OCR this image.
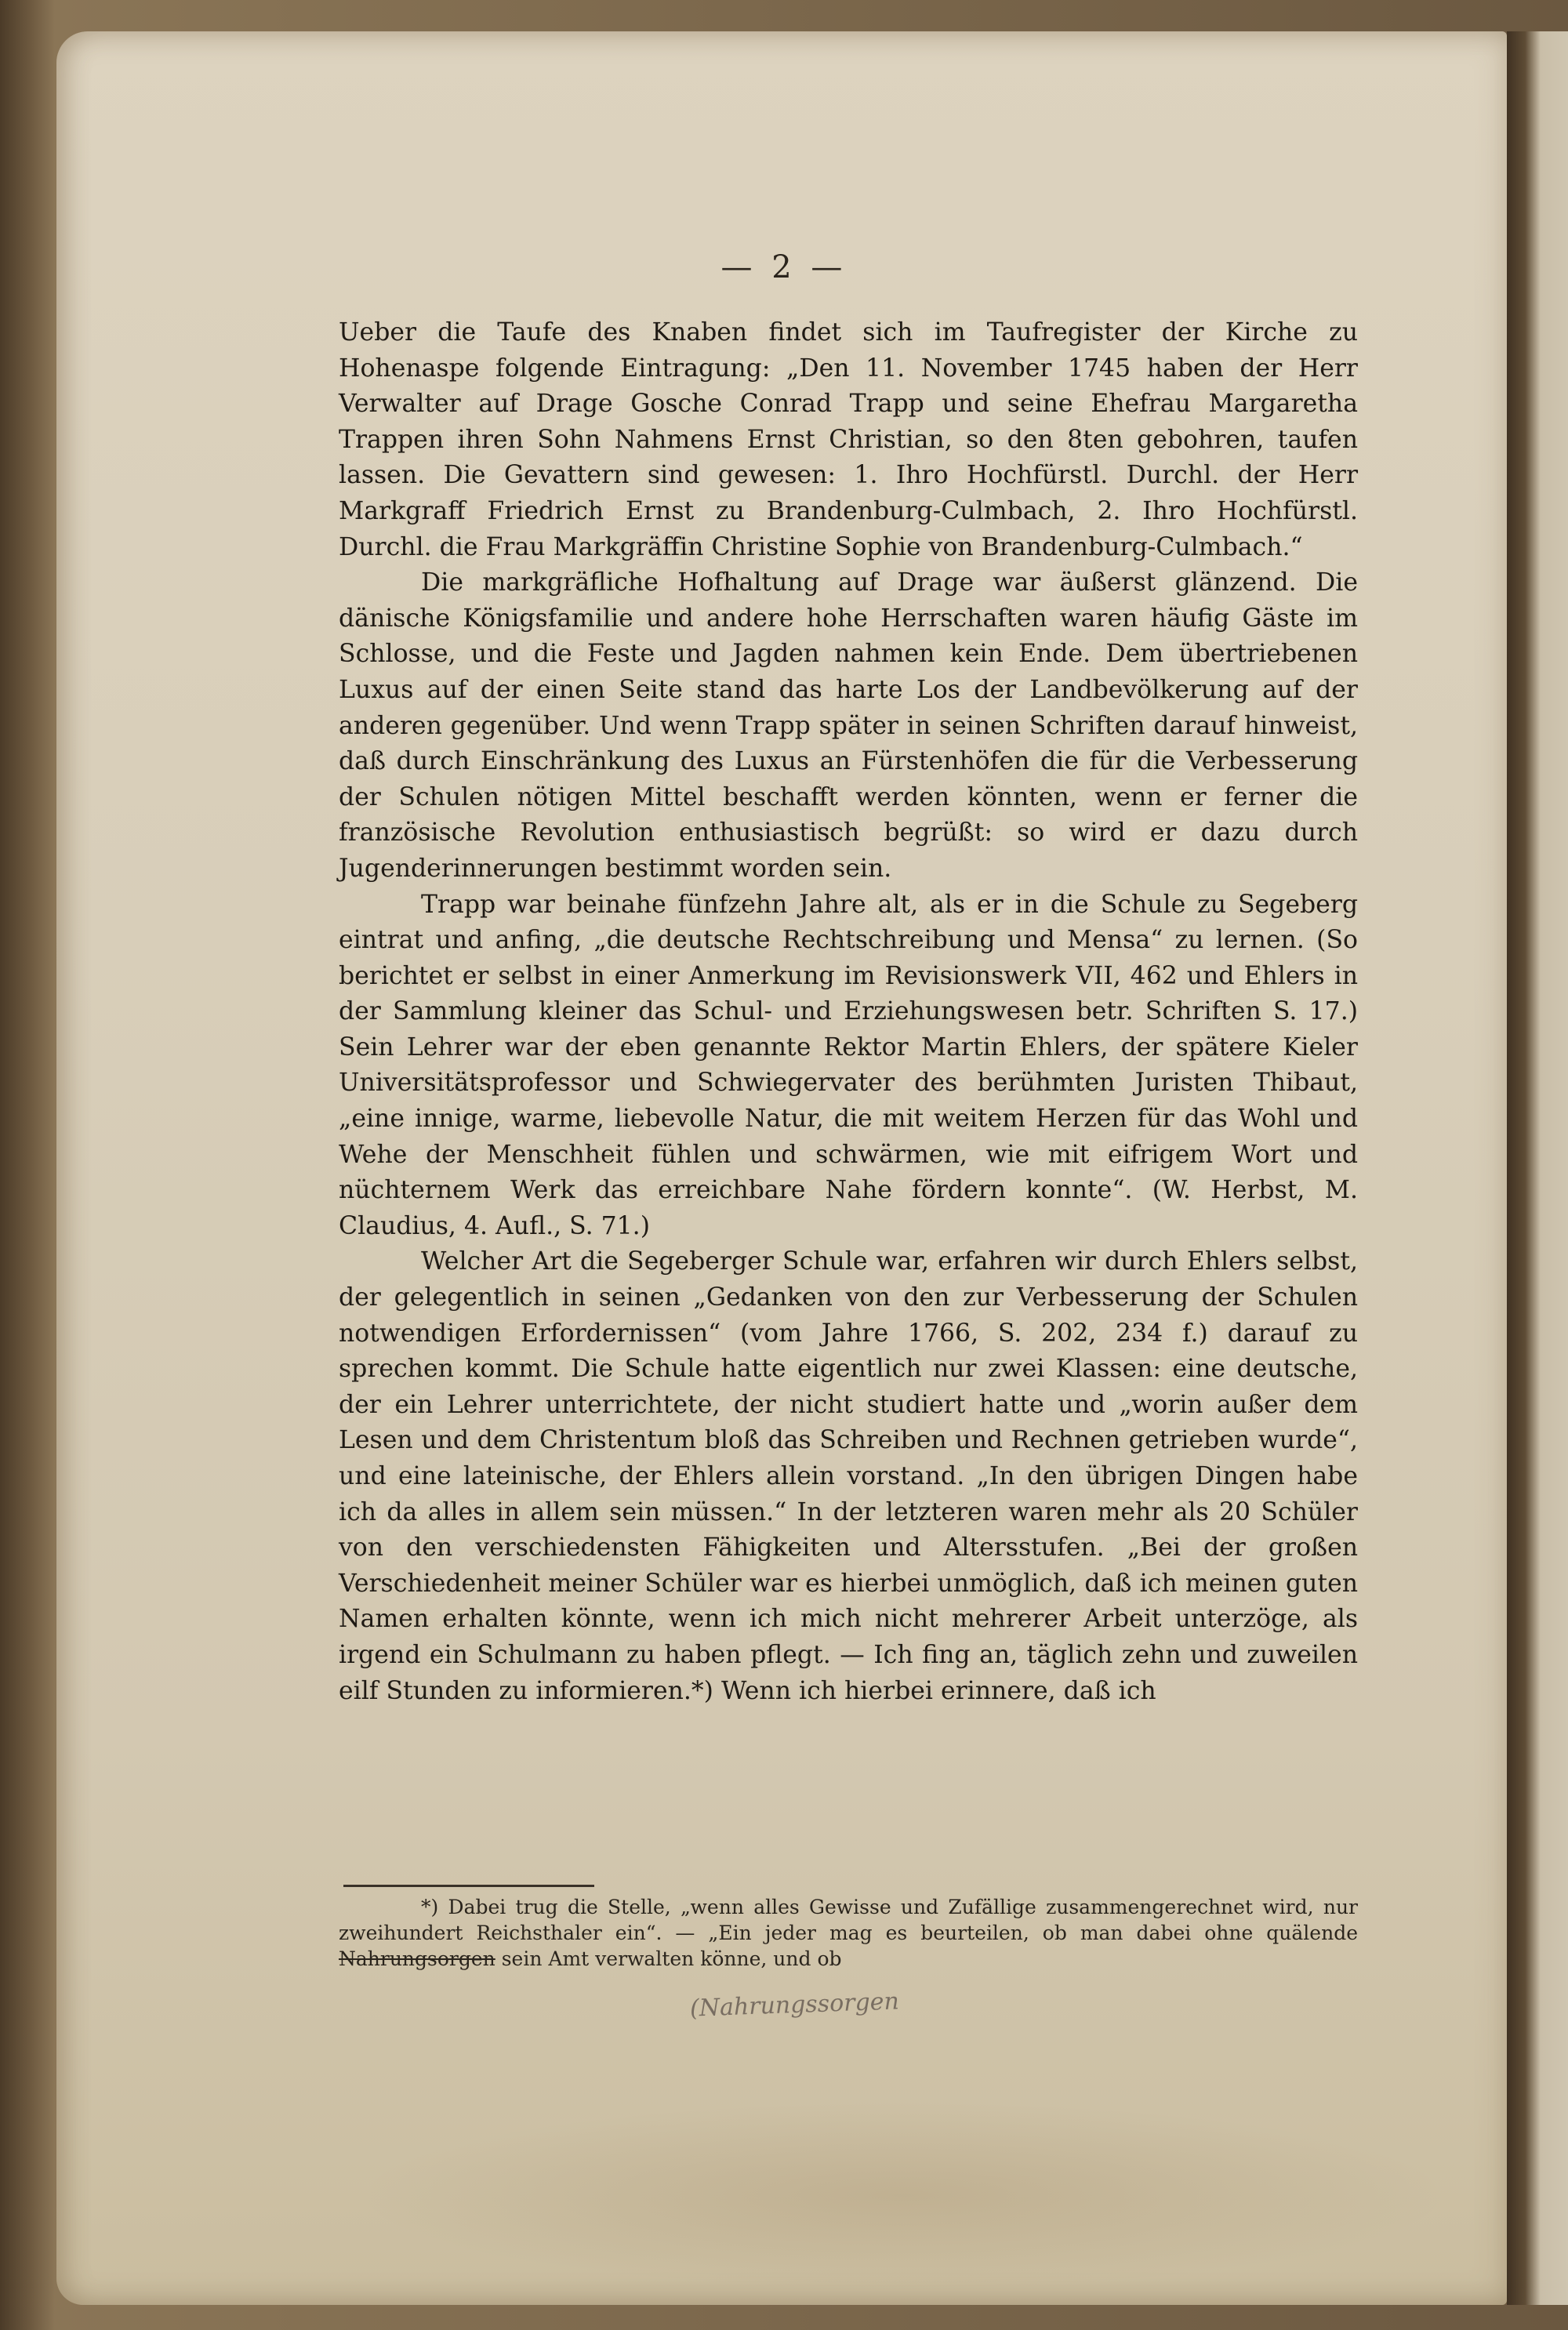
— 2 —

Ueber die Taufe des Knaben findet sich im Taufregister der Kirche zu Hohenaspe folgende Eintragung: „Den 11. November 1745 haben der Herr Verwalter auf Drage Gosche Conrad Trapp und seine Ehefrau Margaretha Trappen ihren Sohn Nahmens Ernst Christian, so den 8ten gebohren, taufen lassen. Die Gevattern sind gewesen: 1. Ihro Hochfürstl. Durchl. der Herr Markgraff Friedrich Ernst zu Brandenburg-Culmbach, 2. Ihro Hochfürstl. Durchl. die Frau Markgräffin Christine Sophie von Brandenburg-Culmbach.“

Die markgräfliche Hofhaltung auf Drage war äußerst glänzend. Die dänische Königsfamilie und andere hohe Herrschaften waren häufig Gäste im Schlosse, und die Feste und Jagden nahmen kein Ende. Dem übertriebenen Luxus auf der einen Seite stand das harte Los der Landbevölkerung auf der anderen gegenüber. Und wenn Trapp später in seinen Schriften darauf hinweist, daß durch Einschränkung des Luxus an Fürstenhöfen die für die Verbesserung der Schulen nötigen Mittel beschafft werden könnten, wenn er ferner die französische Revolution enthusiastisch begrüßt: so wird er dazu durch Jugenderinnerungen bestimmt worden sein.

Trapp war beinahe fünfzehn Jahre alt, als er in die Schule zu Segeberg eintrat und anfing, „die deutsche Rechtschreibung und Mensa“ zu lernen. (So berichtet er selbst in einer Anmerkung im Revisionswerk VII, 462 und Ehlers in der Sammlung kleiner das Schul- und Erziehungswesen betr. Schriften S. 17.) Sein Lehrer war der eben genannte Rektor Martin Ehlers, der spätere Kieler Universitätsprofessor und Schwiegervater des berühmten Juristen Thibaut, „eine innige, warme, liebevolle Natur, die mit weitem Herzen für das Wohl und Wehe der Menschheit fühlen und schwärmen, wie mit eifrigem Wort und nüchternem Werk das erreichbare Nahe fördern konnte“. (W. Herbst, M. Claudius, 4. Aufl., S. 71.)

Welcher Art die Segeberger Schule war, erfahren wir durch Ehlers selbst, der gelegentlich in seinen „Gedanken von den zur Verbesserung der Schulen notwendigen Erfordernissen“ (vom Jahre 1766, S. 202, 234 f.) darauf zu sprechen kommt. Die Schule hatte eigentlich nur zwei Klassen: eine deutsche, der ein Lehrer unterrichtete, der nicht studiert hatte und „worin außer dem Lesen und dem Christentum bloß das Schreiben und Rechnen getrieben wurde“, und eine lateinische, der Ehlers allein vorstand. „In den übrigen Dingen habe ich da alles in allem sein müssen.“ In der letzteren waren mehr als 20 Schüler von den verschiedensten Fähigkeiten und Altersstufen. „Bei der großen Verschiedenheit meiner Schüler war es hierbei unmöglich, daß ich meinen guten Namen erhalten könnte, wenn ich mich nicht mehrerer Arbeit unterzöge, als irgend ein Schulmann zu haben pflegt. — Ich fing an, täglich zehn und zuweilen eilf Stunden zu informieren.*) Wenn ich hierbei erinnere, daß ich

*) Dabei trug die Stelle, „wenn alles Gewisse und Zufällige zusammengerechnet wird, nur zweihundert Reichsthaler ein“. — „Ein jeder mag es beurteilen, ob man dabei ohne quälende Nahrungsorgen sein Amt verwalten könne, und ob

(Nahrungssorgen
